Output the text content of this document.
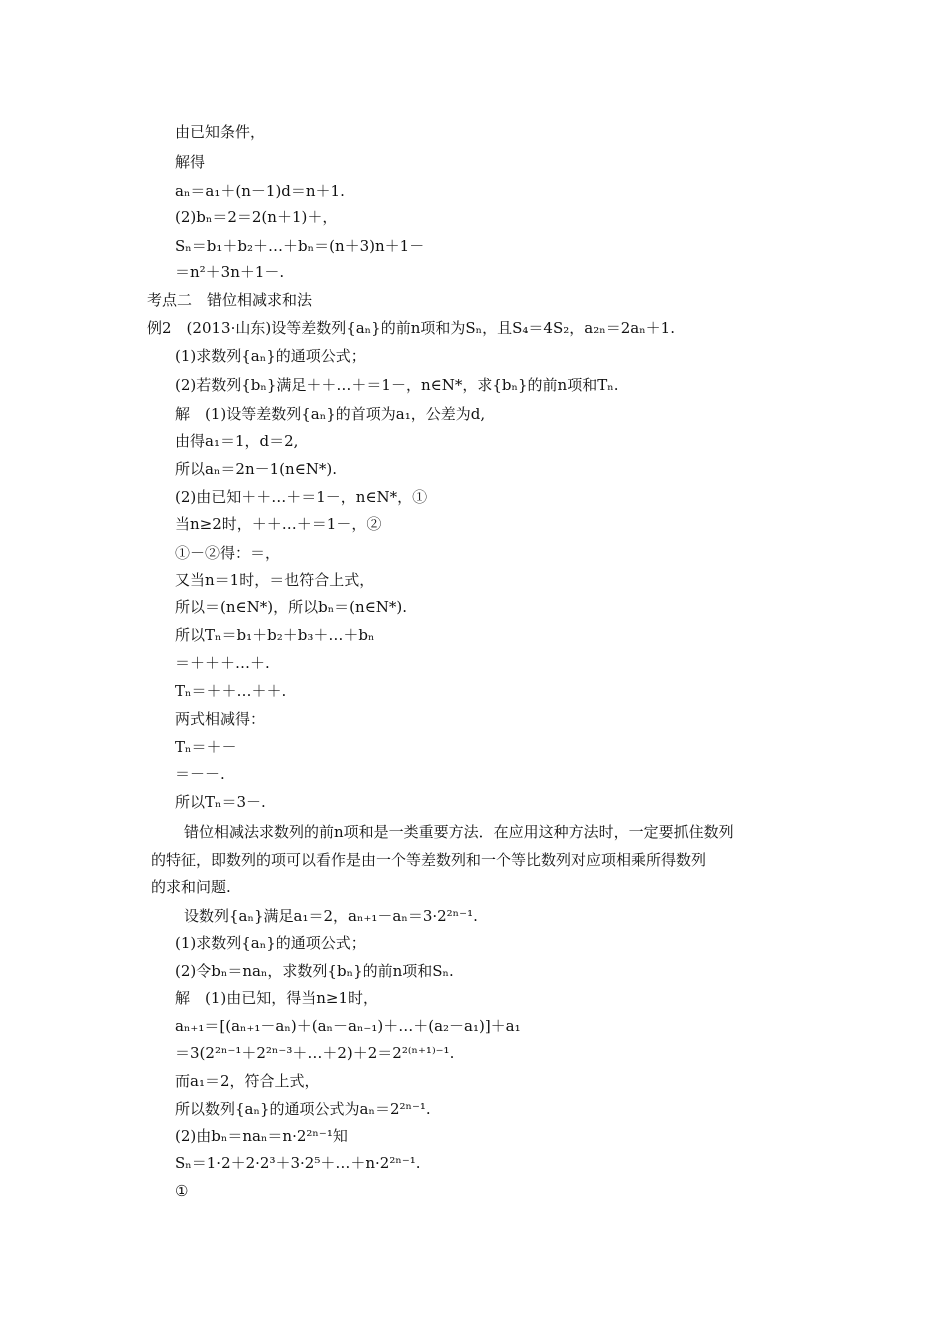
由已知条件，
解得
aₙ＝a₁＋(n－1)d＝n＋1.
(2)bₙ＝2＝2(n＋1)＋，
Sₙ＝b₁＋b₂＋…＋bₙ＝(n＋3)n＋1－
＝n²＋3n＋1－.
考点二　错位相减求和法
例2　(2013·山东)设等差数列{aₙ}的前n项和为Sₙ，且S₄＝4S₂，a₂ₙ＝2aₙ＋1.
(1)求数列{aₙ}的通项公式；
(2)若数列{bₙ}满足＋＋…＋＝1－，n∈N*，求{bₙ}的前n项和Tₙ.
解　(1)设等差数列{aₙ}的首项为a₁，公差为d,
由得a₁＝1，d＝2,
所以aₙ＝2n－1(n∈N*).
(2)由已知＋＋…＋＝1－，n∈N*，①
当n≥2时，＋＋…＋＝1－，②
①－②得：＝，
又当n＝1时，＝也符合上式，
所以＝(n∈N*)，所以bₙ＝(n∈N*).
所以Tₙ＝b₁＋b₂＋b₃＋…＋bₙ
＝＋＋＋…＋.
Tₙ＝＋＋…＋＋.
两式相减得：
Tₙ＝＋－
＝－－.
所以Tₙ＝3－.
错位相减法求数列的前n项和是一类重要方法．在应用这种方法时，一定要抓住数列
的特征，即数列的项可以看作是由一个等差数列和一个等比数列对应项相乘所得数列
的求和问题.
设数列{aₙ}满足a₁＝2，aₙ₊₁－aₙ＝3·2²ⁿ⁻¹.
(1)求数列{aₙ}的通项公式；
(2)令bₙ＝naₙ，求数列{bₙ}的前n项和Sₙ.
解　(1)由已知，得当n≥1时，
aₙ₊₁＝[(aₙ₊₁－aₙ)＋(aₙ－aₙ₋₁)＋…＋(a₂－a₁)]＋a₁
＝3(2²ⁿ⁻¹＋2²ⁿ⁻³＋…＋2)＋2＝2²⁽ⁿ⁺¹⁾⁻¹.
而a₁＝2，符合上式，
所以数列{aₙ}的通项公式为aₙ＝2²ⁿ⁻¹.
(2)由bₙ＝naₙ＝n·2²ⁿ⁻¹知
Sₙ＝1·2＋2·2³＋3·2⁵＋…＋n·2²ⁿ⁻¹.
①
